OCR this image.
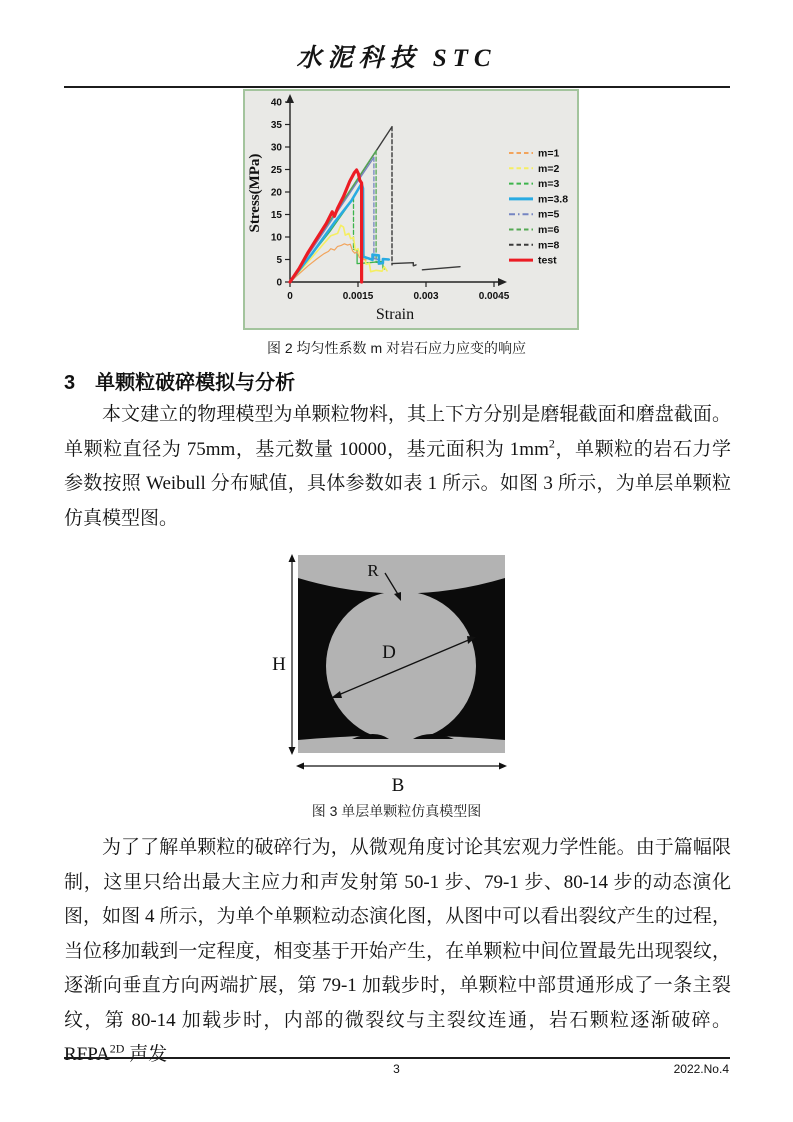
水泥科技 STC
0
5
10
15
20
25
30
35
40
0	0.0015	0.003	0.0045
Stress(MPa)
Strain
m=1
m=2
m=3
m=3.8
m=5
m=6
m=8
test
图 2 均匀性系数 m 对岩石应力应变的响应
3 单颗粒破碎模拟与分析

本文建立的物理模型为单颗粒物料，其上下方分别是磨辊截面和磨盘截面。单颗粒直径为 75mm，基元数量 10000，基元面积为 $1mm^2$，单颗粒的岩石力学参数按照 Weibull 分布赋值，具体参数如表 1 所示。如图 3 所示，为单层单颗粒仿真模型图。

R
D
H
B
图 3 单层单颗粒仿真模型图

为了了解单颗粒的破碎行为，从微观角度讨论其宏观力学性能。由于篇幅限制，这里只给出最大主应力和声发射第 50-1 步、79-1 步、80-14 步的动态演化图，如图 4 所示，为单个单颗粒动态演化图，从图中可以看出裂纹产生的过程，当位移加载到一定程度，相变基于开始产生，在单颗粒中间位置最先出现裂纹，逐渐向垂直方向两端扩展，第 79-1 加载步时，单颗粒中部贯通形成了一条主裂纹，第 80-14 加载步时，内部的微裂纹与主裂纹连通，岩石颗粒逐渐破碎。$RFPA^{2D}$ 声发

3	2022.No.4
